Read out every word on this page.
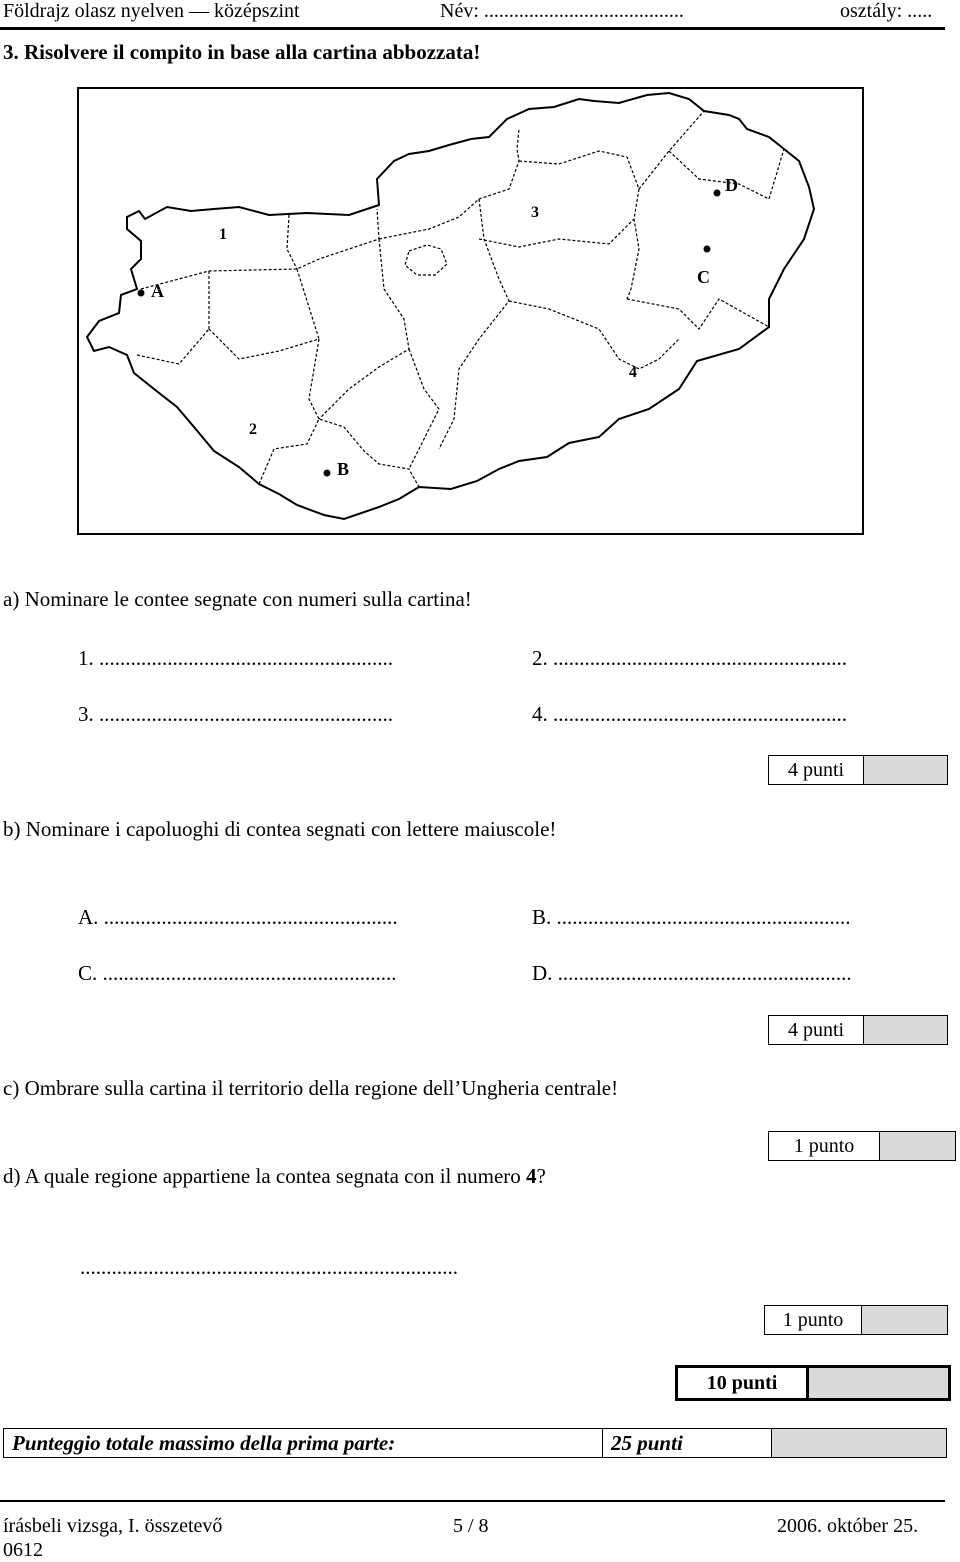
Földrajz olasz nyelven — középszint	Név: ........................................	osztály: .....
3. Risolvere il compito in base alla cartina abbozzata!
1
2
3
4
A
B
C
D
a) Nominare le contee segnate con numeri sulla cartina!
1. ........................................................	2. ........................................................
3. ........................................................	4. ........................................................
4 punti
b) Nominare i capoluoghi di contea segnati con lettere maiuscole!
A. ........................................................	B. ........................................................
C. ........................................................	D. ........................................................
4 punti
c) Ombrare sulla cartina il territorio della regione dell’Ungheria centrale!
1 punto
d) A quale regione appartiene la contea segnata con il numero 4?
........................................................................
1 punto
10 punti
Punteggio totale massimo della prima parte:	25 punti
írásbeli vizsga, I. összetevő	5 / 8	2006. október 25.
0612
